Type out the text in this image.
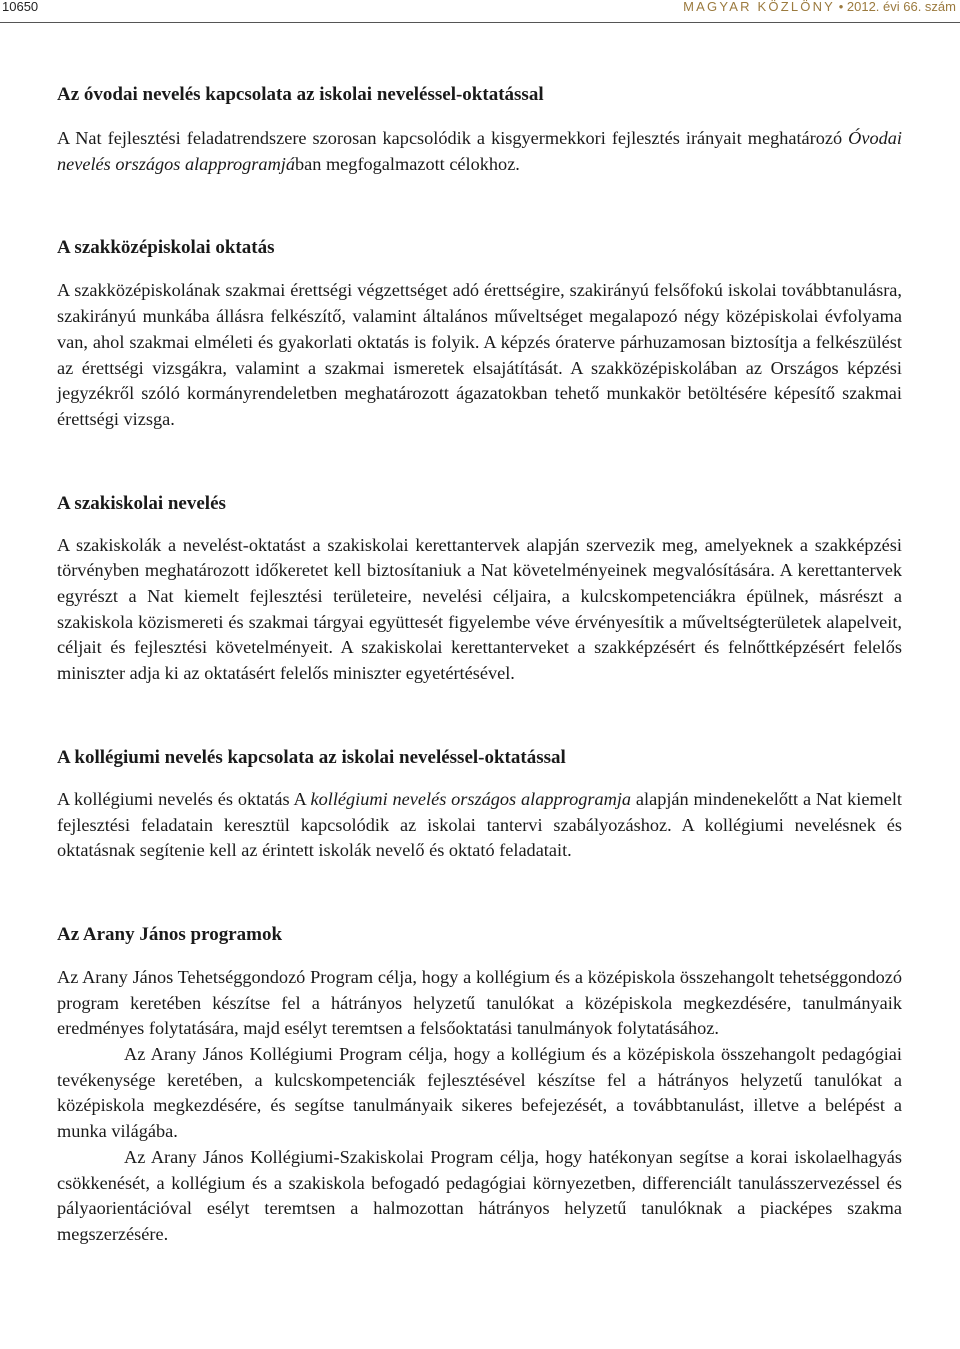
10650	MAGYAR KÖZLÖNY • 2012. évi 66. szám
Az óvodai nevelés kapcsolata az iskolai neveléssel-oktatással

A Nat fejlesztési feladatrendszere szorosan kapcsolódik a kisgyermekkori fejlesztés irányait meghatározó Óvodai nevelés országos alapprogramjában megfogalmazott célokhoz.

A szakközépiskolai oktatás

A szakközépiskolának szakmai érettségi végzettséget adó érettségire, szakirányú felsőfokú iskolai továbbtanulásra, szakirányú munkába állásra felkészítő, valamint általános műveltséget megalapozó négy középiskolai évfolyama van, ahol szakmai elméleti és gyakorlati oktatás is folyik. A képzés óraterve párhuzamosan biztosítja a felkészülést az érettségi vizsgákra, valamint a szakmai ismeretek elsajátítását. A szakközépiskolában az Országos képzési jegyzékről szóló kormányrendeletben meghatározott ágazatokban tehető munkakör betöltésére képesítő szakmai érettségi vizsga.

A szakiskolai nevelés

A szakiskolák a nevelést-oktatást a szakiskolai kerettantervek alapján szervezik meg, amelyeknek a szakképzési törvényben meghatározott időkeretet kell biztosítaniuk a Nat követelményeinek megvalósítására. A kerettantervek egyrészt a Nat kiemelt fejlesztési területeire, nevelési céljaira, a kulcskompetenciákra épülnek, másrészt a szakiskola közismereti és szakmai tárgyai együttesét figyelembe véve érvényesítik a műveltségterületek alapelveit, céljait és fejlesztési követelményeit. A szakiskolai kerettanterveket a szakképzésért és felnőttképzésért felelős miniszter adja ki az oktatásért felelős miniszter egyetértésével.

A kollégiumi nevelés kapcsolata az iskolai neveléssel-oktatással

A kollégiumi nevelés és oktatás A kollégiumi nevelés országos alapprogramja alapján mindenekelőtt a Nat kiemelt fejlesztési feladatain keresztül kapcsolódik az iskolai tantervi szabályozáshoz. A kollégiumi nevelésnek és oktatásnak segítenie kell az érintett iskolák nevelő és oktató feladatait.

Az Arany János programok

Az Arany János Tehetséggondozó Program célja, hogy a kollégium és a középiskola összehangolt tehetséggondozó program keretében készítse fel a hátrányos helyzetű tanulókat a középiskola megkezdésére, tanulmányaik eredményes folytatására, majd esélyt teremtsen a felsőoktatási tanulmányok folytatásához.

Az Arany János Kollégiumi Program célja, hogy a kollégium és a középiskola összehangolt pedagógiai tevékenysége keretében, a kulcskompetenciák fejlesztésével készítse fel a hátrányos helyzetű tanulókat a középiskola megkezdésére, és segítse tanulmányaik sikeres befejezését, a továbbtanulást, illetve a belépést a munka világába.

Az Arany János Kollégiumi-Szakiskolai Program célja, hogy hatékonyan segítse a korai iskolaelhagyás csökkenését, a kollégium és a szakiskola befogadó pedagógiai környezetben, differenciált tanulásszervezéssel és pályaorientációval esélyt teremtsen a halmozottan hátrányos helyzetű tanulóknak a piacképes szakma megszerzésére.
